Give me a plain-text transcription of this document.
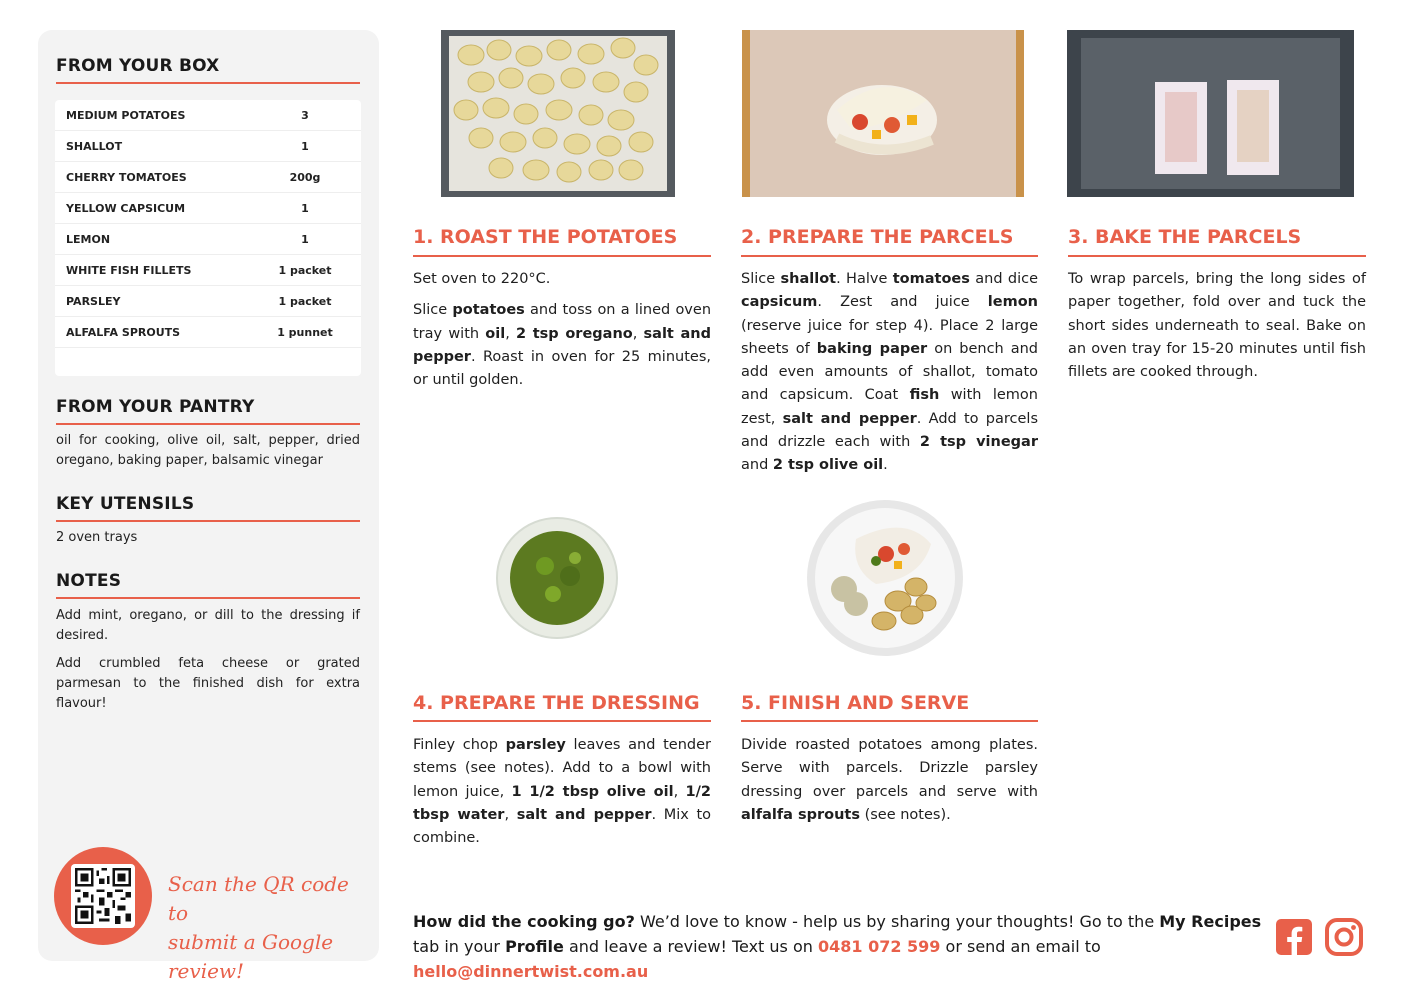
FROM YOUR BOX
MEDIUM POTATOES	3
SHALLOT	1
CHERRY TOMATOES	200g
YELLOW CAPSICUM	1
LEMON	1
WHITE FISH FILLETS	1 packet
PARSLEY	1 packet
ALFALFA SPROUTS	1 punnet
FROM YOUR PANTRY
oil for cooking, olive oil, salt, pepper, dried oregano, baking paper, balsamic vinegar
KEY UTENSILS
2 oven trays
NOTES
Add mint, oregano, or dill to the dressing if desired.
Add crumbled feta cheese or grated parmesan to the finished dish for extra flavour!
Scan the QR code to
submit a Google review!
1. ROAST THE POTATOES

Set oven to 220°C.

Slice potatoes and toss on a lined oven tray with oil, 2 tsp oregano, salt and pepper. Roast in oven for 25 minutes, or until golden.

2. PREPARE THE PARCELS

Slice shallot. Halve tomatoes and dice capsicum. Zest and juice lemon (reserve juice for step 4). Place 2 large sheets of baking paper on bench and add even amounts of shallot, tomato and capsicum. Coat fish with lemon zest, salt and pepper. Add to parcels and drizzle each with 2 tsp vinegar and 2 tsp olive oil.

3. BAKE THE PARCELS

To wrap parcels, bring the long sides of paper together, fold over and tuck the short sides underneath to seal. Bake on an oven tray for 15-20 minutes until fish fillets are cooked through.

4. PREPARE THE DRESSING

Finley chop parsley leaves and tender stems (see notes). Add to a bowl with lemon juice, 1 1/2 tbsp olive oil, 1/2 tbsp water, salt and pepper. Mix to combine.

5. FINISH AND SERVE

Divide roasted potatoes among plates. Serve with parcels. Drizzle parsley dressing over parcels and serve with alfalfa sprouts (see notes).

How did the cooking go? We’d love to know - help us by sharing your thoughts! Go to the My Recipes tab in your Profile and leave a review! Text us on 0481 072 599 or send an email to hello@dinnertwist.com.au
